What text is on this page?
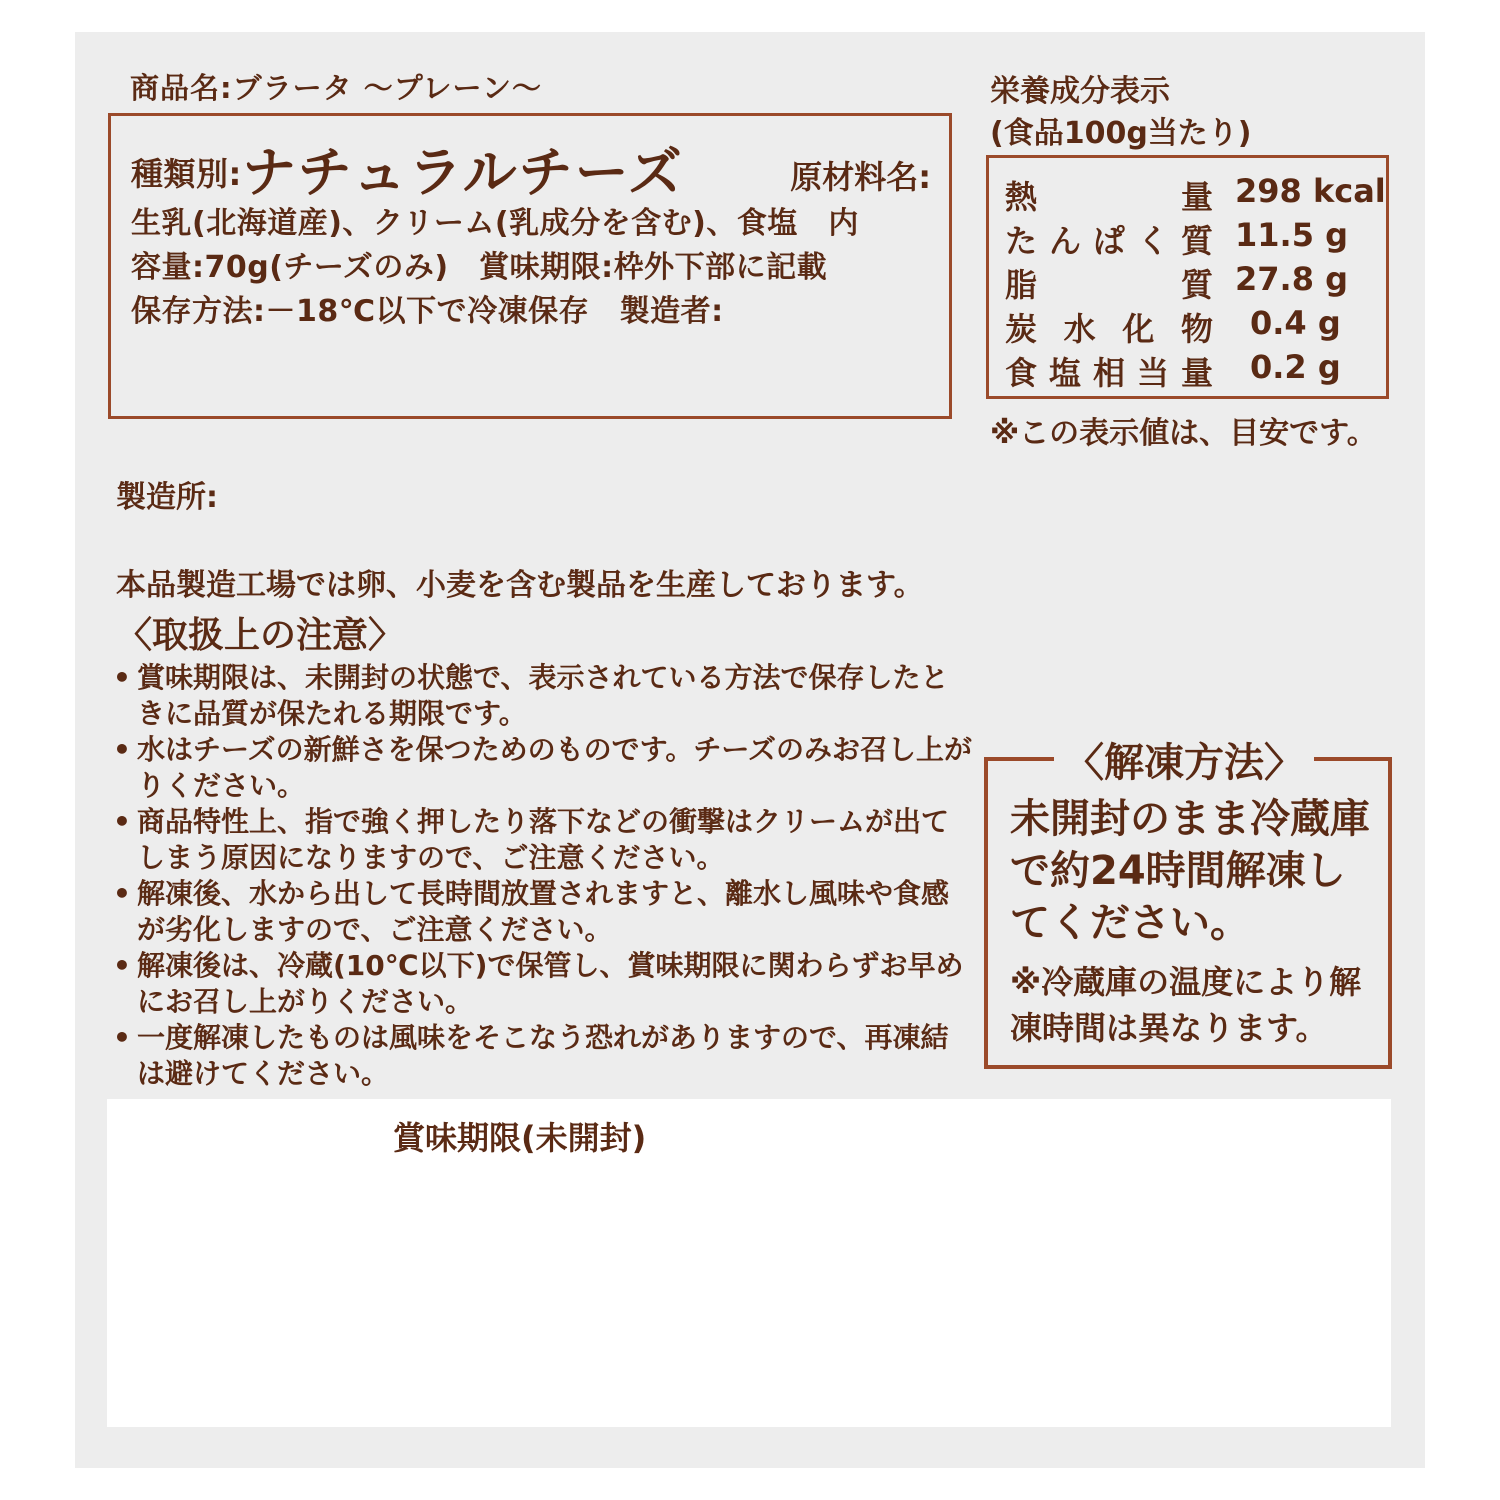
商品名:ブラータ ～プレーン～
種類別:ナチュラルチーズ	原材料名:
生乳(北海道産)、クリーム(乳成分を含む)、食塩　内
容量:70g(チーズのみ)　賞味期限:枠外下部に記載
保存方法:－18℃以下で冷凍保存　製造者:
栄養成分表示
(食品100g当たり)
熱	量 298 kcal
た ん ぱ く 質 11.5 g
脂	質 27.8 g
炭 水 化 物 0.4 g
食 塩 相 当 量 0.2 g
※この表示値は、目安です。
製造所:
本品製造工場では卵、小麦を含む製品を生産しております。
〈取扱上の注意〉
• 賞味期限は、未開封の状態で、表示されている方法で保存したときに品質が保たれる期限です。
• 水はチーズの新鮮さを保つためのものです。チーズのみお召し上がりください。
• 商品特性上、指で強く押したり落下などの衝撃はクリームが出てしまう原因になりますので、ご注意ください。
• 解凍後、水から出して長時間放置されますと、離水し風味や食感が劣化しますので、ご注意ください。
• 解凍後は、冷蔵(10℃以下)で保管し、賞味期限に関わらずお早めにお召し上がりください。
• 一度解凍したものは風味をそこなう恐れがありますので、再凍結は避けてください。
〈解凍方法〉
未開封のまま冷蔵庫で約24時間解凍してください。
※冷蔵庫の温度により解凍時間は異なります。
賞味期限(未開封)
